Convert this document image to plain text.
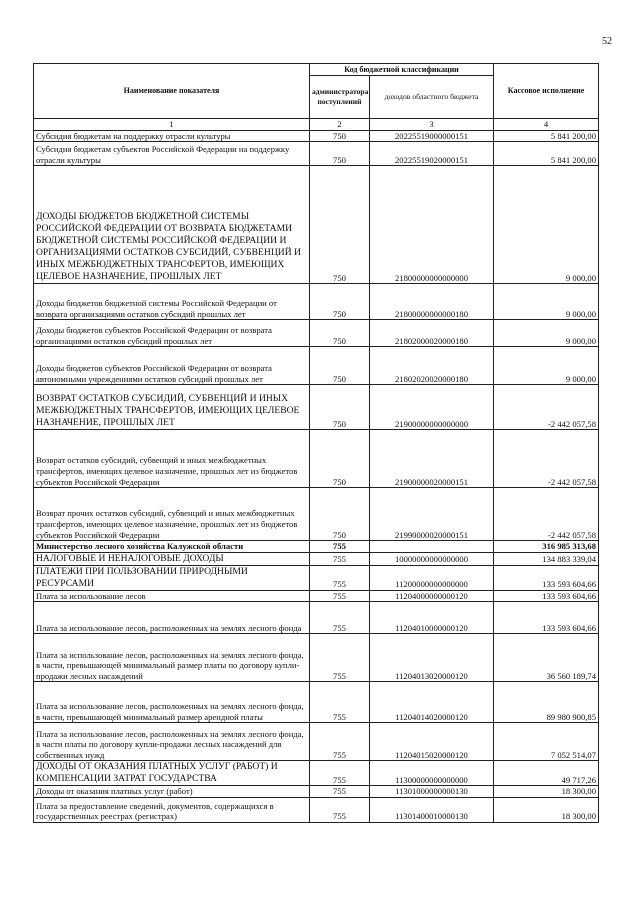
52
Наименование показателя	Код бюджетной классификации		Кассовое исполнение
	администратора поступлений	доходов областного бюджета	
1	2	3	4
Субсидия бюджетам на поддержку отрасли культуры	750	20225519000000151	5 841 200,00
Субсидия бюджетам субъектов Российской Федерации на поддержку отрасли культуры	750	20225519020000151	5 841 200,00
ДОХОДЫ БЮДЖЕТОВ БЮДЖЕТНОЙ СИСТЕМЫ РОССИЙСКОЙ ФЕДЕРАЦИИ ОТ ВОЗВРАТА БЮДЖЕТАМИ БЮДЖЕТНОЙ СИСТЕМЫ РОССИЙСКОЙ ФЕДЕРАЦИИ И ОРГАНИЗАЦИЯМИ ОСТАТКОВ СУБСИДИЙ, СУБВЕНЦИЙ И ИНЫХ МЕЖБЮДЖЕТНЫХ ТРАНСФЕРТОВ, ИМЕЮЩИХ ЦЕЛЕВОЕ НАЗНАЧЕНИЕ, ПРОШЛЫХ ЛЕТ	750	21800000000000000	9 000,00
Доходы бюджетов бюджетной системы Российской Федерации от возврата организациями остатков субсидий прошлых лет	750	21800000000000180	9 000,00
Доходы бюджетов субъектов Российской Федерации от возврата организациями остатков субсидий прошлых лет	750	21802000020000180	9 000,00
Доходы бюджетов субъектов Российской Федерации от возврата автономными учреждениями остатков субсидий прошлых лет	750	21802020020000180	9 000,00
ВОЗВРАТ ОСТАТКОВ СУБСИДИЙ, СУБВЕНЦИЙ И ИНЫХ МЕЖБЮДЖЕТНЫХ ТРАНСФЕРТОВ, ИМЕЮЩИХ ЦЕЛЕВОЕ НАЗНАЧЕНИЕ, ПРОШЛЫХ ЛЕТ	750	21900000000000000	-2 442 057,58
Возврат остатков субсидий, субвенций и иных межбюджетных трансфертов, имеющих целевое назначение, прошлых лет из бюджетов субъектов Российской Федерации	750	21900000020000151	-2 442 057,58
Возврат прочих остатков субсидий, субвенций и иных межбюджетных трансфертов, имеющих целевое назначение, прошлых лет из бюджетов субъектов Российской Федерации	750	21990000020000151	-2 442 057,58
Министерство лесного хозяйства Калужской области	755		316 985 313,68
НАЛОГОВЫЕ И НЕНАЛОГОВЫЕ ДОХОДЫ	755	10000000000000000	134 883 339,04
ПЛАТЕЖИ ПРИ ПОЛЬЗОВАНИИ ПРИРОДНЫМИ РЕСУРСАМИ	755	11200000000000000	133 593 604,66
Плата за использование лесов	755	11204000000000120	133 593 604,66
Плата за использование лесов, расположенных на землях лесного фонда	755	11204010000000120	133 593 604,66
Плата за использование лесов, расположенных на землях лесного фонда, в части, превышающей минимальный размер платы по договору купли-продажи лесных насаждений	755	11204013020000120	36 560 189,74
Плата за использование лесов, расположенных на землях лесного фонда, в части, превышающей минимальный размер арендной платы	755	11204014020000120	89 980 900,85
Плата за использование лесов, расположенных на землях лесного фонда, в части платы по договору купли-продажи лесных насаждений для собственных нужд	755	11204015020000120	7 052 514,07
ДОХОДЫ ОТ ОКАЗАНИЯ ПЛАТНЫХ УСЛУГ (РАБОТ) И КОМПЕНСАЦИИ ЗАТРАТ ГОСУДАРСТВА	755	11300000000000000	49 717,26
Доходы от оказания платных услуг (работ)	755	11301000000000130	18 300,00
Плата за предоставление сведений, документов, содержащихся в государственных реестрах (регистрах)	755	11301400010000130	18 300,00
